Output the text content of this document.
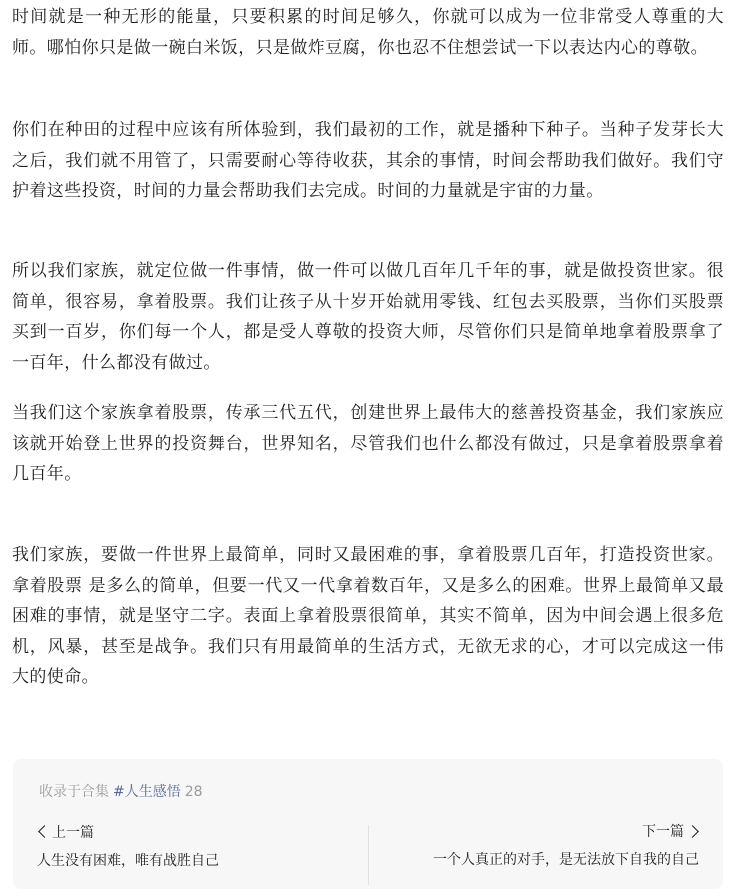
时间就是一种无形的能量，只要积累的时间足够久，你就可以成为一位非常受人尊重的大师。哪怕你只是做一碗白米饭，只是做炸豆腐，你也忍不住想尝试一下以表达内心的尊敬。

你们在种田的过程中应该有所体验到，我们最初的工作，就是播种下种子。当种子发芽长大之后，我们就不用管了，只需要耐心等待收获，其余的事情，时间会帮助我们做好。我们守护着这些投资，时间的力量会帮助我们去完成。时间的力量就是宇宙的力量。

所以我们家族，就定位做一件事情，做一件可以做几百年几千年的事，就是做投资世家。很简单，很容易，拿着股票。我们让孩子从十岁开始就用零钱、红包去买股票，当你们买股票买到一百岁，你们每一个人，都是受人尊敬的投资大师，尽管你们只是简单地拿着股票拿了一百年，什么都没有做过。

当我们这个家族拿着股票，传承三代五代，创建世界上最伟大的慈善投资基金，我们家族应该就开始登上世界的投资舞台，世界知名，尽管我们也什么都没有做过，只是拿着股票拿着几百年。

我们家族，要做一件世界上最简单，同时又最困难的事，拿着股票几百年，打造投资世家。拿着股票 是多么的简单，但要一代又一代拿着数百年，又是多么的困难。世界上最简单又最困难的事情，就是坚守二字。表面上拿着股票很简单，其实不简单，因为中间会遇上很多危机，风暴，甚至是战争。我们只有用最简单的生活方式，无欲无求的心，才可以完成这一伟大的使命。

收录于合集 #人生感悟 28
上一篇
人生没有困难，唯有战胜自己
下一篇
一个人真正的对手，是无法放下自我的自己
